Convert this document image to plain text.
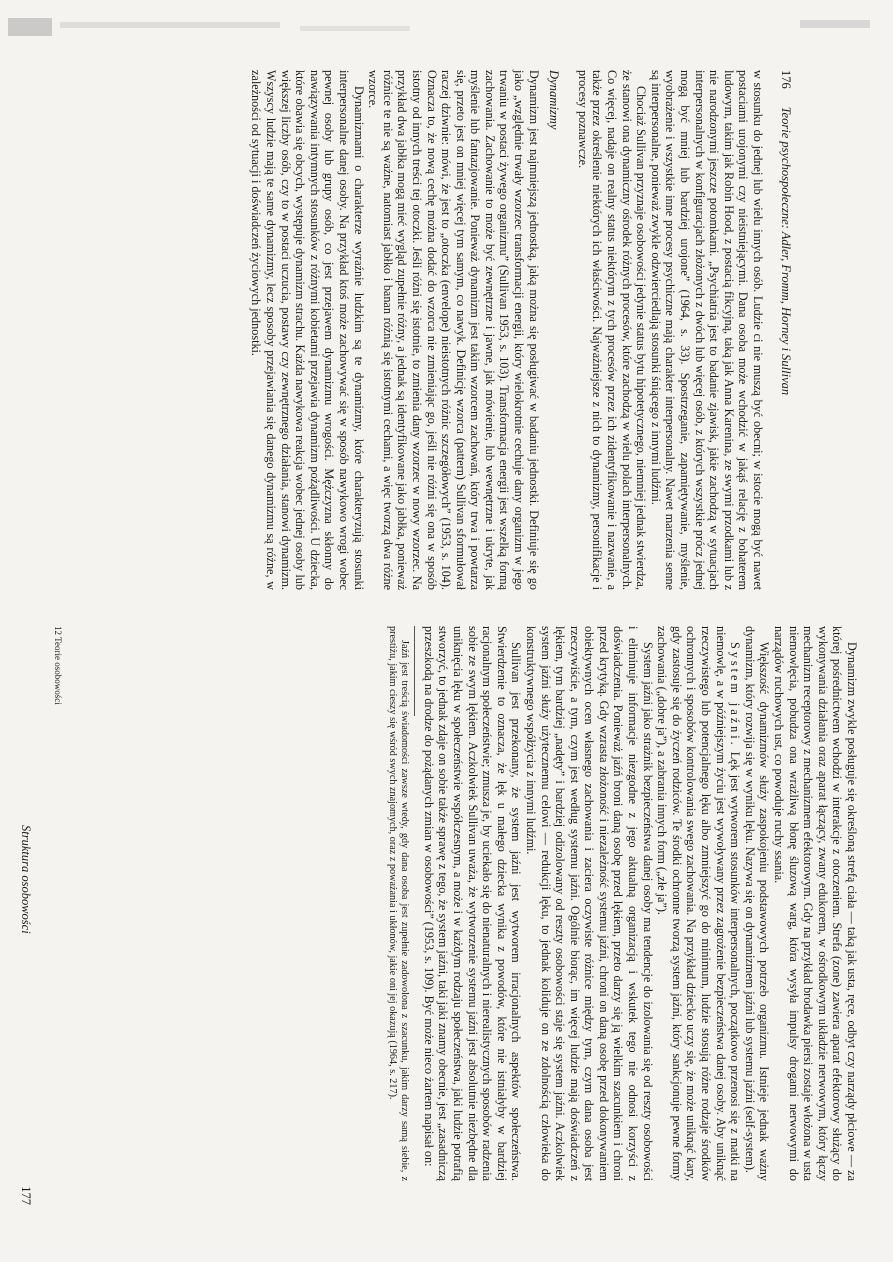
176
Teorie psychospołeczne: Adler, Fromm, Horney i Sullivan

w stosunku do jednej lub wielu innych osób. Ludzie ci nie muszą być obecni; w istocie mogą być nawet postaciami urojonymi czy nieistniejącymi. Dana osoba może wchodzić w jakąś relację z bohaterem ludowym, takim jak Robin Hood, z postacią fikcyjną, taką jak Anna Karenina, ze swymi przodkami lub z nie narodzonymi jeszcze potomkami. „Psychiatria jest to badanie zjawisk, jakie zachodzą w sytuacjach interpersonalnych w konfiguracjach złożonych z dwóch lub więcej osób, z których wszystkie prócz jednej mogą być mniej lub bardziej urojone” (1964, s. 33). Spostrzeganie, zapamiętywanie, myślenie, wyobrażenie i wszystkie inne procesy psychiczne mają charakter interpersonalny. Nawet marzenia senne są interpersonalne, ponieważ zwykle odzwierciedlają stosunki śniącego z innymi ludźmi.

Chociaż Sullivan przyznaje osobowości jedynie status bytu hipotetycznego, niemniej jednak stwierdza, że stanowi ona dynamiczny ośrodek różnych procesów, które zachodzą w wielu polach interpersonalnych. Co więcej, nadaje on realny status niektórym z tych procesów przez ich zidentyfikowanie i nazwanie, a także przez określenie niektórych ich właściwości. Najważniejsze z nich to dynamizmy, personifikacje i procesy poznawcze.

Dynamizmy

Dynamizm jest najmniejszą jednostką, jaką można się posługiwać w badaniu jednostki. Definiuje się go jako „względnie trwały wzorzec transformacji energii, który wielokrotnie cechuje dany organizm w jego trwaniu w postaci żywego organizmu” (Sullivan 1953, s. 103). Transformacja energii jest wszelką formą zachowania. Zachowanie to może być zewnętrzne i jawne, jak mówienie, lub wewnętrzne i ukryte, jak myślenie lub fantazjowanie. Ponieważ dynamizm jest takim wzorcem zachowań, który trwa i powtarza się, przeto jest on mniej więcej tym samym, co nawyk. Definicję wzorca (pattern) Sullivan sformułował raczej dziwnie: mówi, że jest to „otoczka (envelope) nieistotnych różnic szczegółowych” (1953, s. 104). Oznacza to, że nową cechę można dodać do wzorca nie zmieniając go, jeśli nie różni się ona w sposób istotny od innych treści tej otoczki. Jeśli różni się istotnie, to zmienia dany wzorzec w nowy wzorzec. Na przykład dwa jabłka mogą mieć wygląd zupełnie różny, a jednak są identyfikowane jako jabłka, ponieważ różnice te nie są ważne, natomiast jabłko i banan różnią się istotnymi cechami, a więc tworzą dwa różne wzorce.

Dynamizmami o charakterze wyraźnie ludzkim są te dynamizmy, które charakteryzują stosunki interpersonalne danej osoby. Na przykład ktoś może zachowywać się w sposób nawykowo wrogi wobec pewnej osoby lub grupy osób, co jest przejawem dynamizmu wrogości. Mężczyzna skłonny do nawiązywania intymnych stosunków z różnymi kobietami przejawia dynamizm pożądliwości. U dziecka, które obawia się obcych, występuje dynamizm strachu. Każda nawykowa reakcja wobec jednej osoby lub większej liczby osób, czy to w postaci uczucia, postawy czy zewnętrznego działania, stanowi dynamizm. Wszyscy ludzie mają te same dynamizmy, lecz sposoby przejawiania się danego dynamizmu są różne, w zależności od sytuacji i doświadczeń życiowych jednostki.

Dynamizm zwykle posługuje się określoną strefą ciała — taką jak usta, ręce, odbyt czy narządy płciowe — za której pośrednictwem wchodzi w interakcje z otoczeniem. Strefa (zone) zawiera aparat efektorowy służący do wykonywania działania oraz aparat łączący, zwany edukorem, w ośrodkowym układzie nerwowym, który łączy mechanizm receptorowy z mechanizmem efektorowym. Gdy na przykład brodawka piersi zostaje włożona w usta niemowlęcia, pobudza ona wrażliwą błonę śluzową warg, która wysyła impulsy drogami nerwowymi do narządów ruchowych ust, co powoduje ruchy ssania.

Większość dynamizmów służy zaspokojeniu podstawowych potrzeb organizmu. Istnieje jednak ważny dynamizm, który rozwija się w wyniku lęku. Nazywa się on dynamizmem jaźni lub systemu jaźni (self-system).

System jaźni. Lęk jest wytworem stosunków interpersonalnych, początkowo przenosi się z matki na niemowlę, a w późniejszym życiu jest wywoływany przez zagrożenie bezpieczeństwa danej osoby. Aby uniknąć rzeczywistego lub potencjalnego lęku albo zmniejszyć go do minimum, ludzie stosują różne rodzaje środków ochronnych i sposobów kontrolowania swego zachowania. Na przykład dziecko uczy się, że może uniknąć kary, gdy zastosuje się do życzeń rodziców. Te środki ochronne tworzą system jaźni, który sankcjonuje pewne formy zachowania („dobre ja”), a zabrania innych form („złe ja”).

System jaźni jako strażnik bezpieczeństwa danej osoby ma tendencje do izolowania się od reszty osobowości i eliminuje informacje niezgodne z jego aktualną organizacją i wskutek tego nie odnosi korzyści z doświadczenia. Ponieważ jaźń broni daną osobę przed lękiem, przeto darzy się ją wielkim szacunkiem i chroni przed krytyką. Gdy wzrasta złożoność i niezależność systemu jaźni, chroni on daną osobę przed dokonywaniem obiektywnych ocen własnego zachowania i zaciera oczywiste różnice między tym, czym dana osoba jest rzeczywiście, a tym, czym jest według systemu jaźni. Ogólnie biorąc, im więcej ludzie mają doświadczeń z lękiem, tym bardziej „nadęty” i bardziej odizolowany od reszty osobowości staje się system jaźni. Aczkolwiek system jaźni służy użytecznemu celowi — redukcji lęku, to jednak koliduje on ze zdolnością człowieka do konstruktywnego współżycia z innymi ludźmi.

Sullivan jest przekonany, że system jaźni jest wytworem irracjonalnych aspektów społeczeństwa. Stwierdzenie to oznacza, że lęk u małego dziecka wynika z powodów, które nie istniałyby w bardziej racjonalnym społeczeństwie; zmusza je, by uciekało się do nienaturalnych i nierealistycznych sposobów radzenia sobie ze swym lękiem. Aczkolwiek Sullivan uważa, że wytworzenie systemu jaźni jest absolutnie niezbędne dla uniknięcia lęku w społeczeństwie współczesnym, a może i w każdym rodzaju społeczeństwa, jaki ludzie potrafią stworzyć, to jednak zdaje on sobie także sprawę z tego, że system jaźni, taki jaki znamy obecnie, jest „zasadniczą przeszkodą na drodze do pożądanych zmian w osobowości” (1953, s. 109). Być może nieco żartem napisał on:

Jaźń jest treścią świadomości zawsze wtedy, gdy dana osoba jest zupełnie zadowolona z szacunku, jakim darzy samą siebie, z prestiżu, jakim cieszy się wśród swych znajomych, oraz z poważania i ukłonów, jakie oni jej okazują (1964, s. 217).

Struktura osobowości
177
12 Teorie osobowości
